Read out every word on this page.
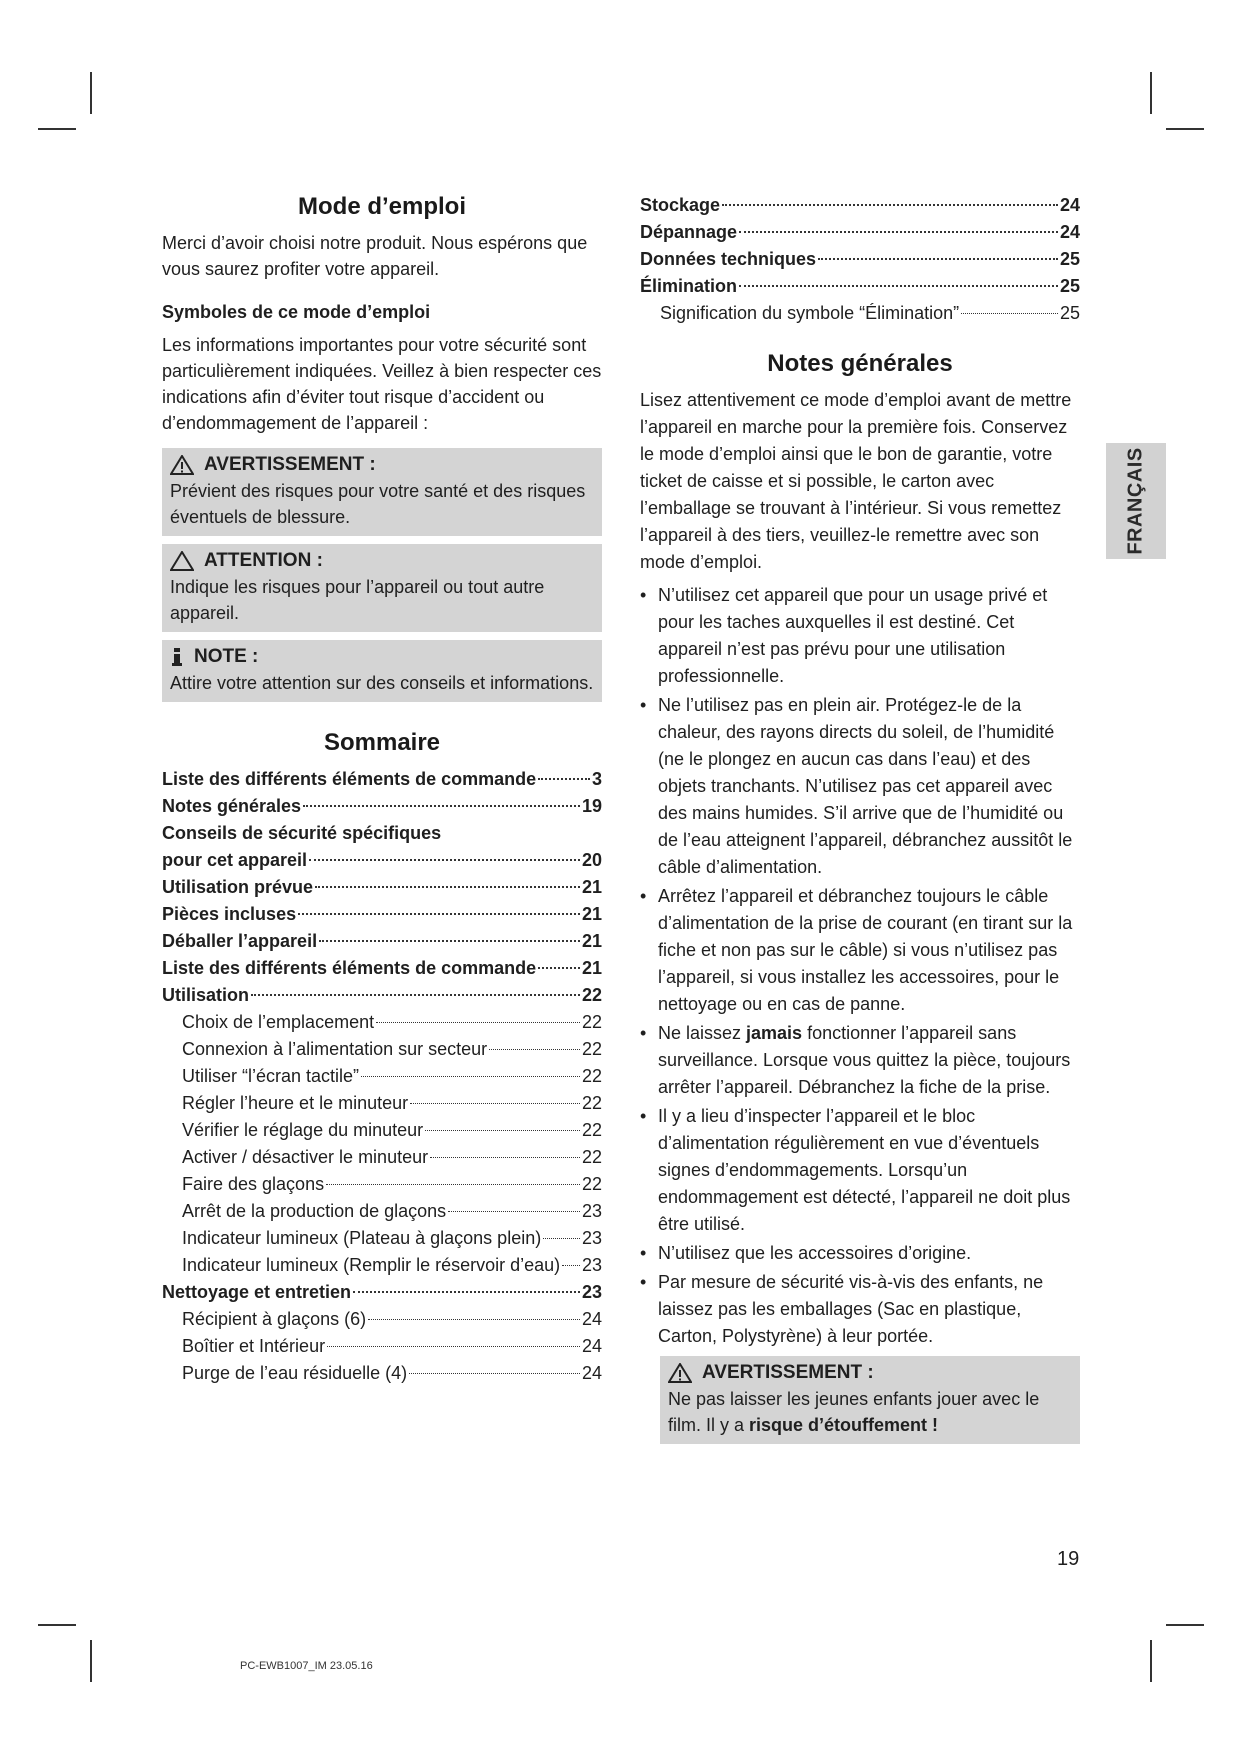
Mode d’emploi

Merci d’avoir choisi notre produit. Nous espérons que vous saurez profiter votre appareil.

Symboles de ce mode d’emploi

Les informations importantes pour votre sécurité sont particulièrement indiquées. Veillez à bien respecter ces indications afin d’éviter tout risque d’accident ou d’endommagement de l’appareil :

AVERTISSEMENT :
Prévient des risques pour votre santé et des risques éventuels de blessure.
ATTENTION :
Indique les risques pour l’appareil ou tout autre appareil.
NOTE :
Attire votre attention sur des conseils et informations.
Sommaire
Liste des différents éléments de commande	3
Notes générales	19
Conseils de sécurité spécifiques
pour cet appareil	20
Utilisation prévue	21
Pièces incluses	21
Déballer l’appareil	21
Liste des différents éléments de commande	21
Utilisation	22
Choix de l’emplacement	22
Connexion à l’alimentation sur secteur	22
Utiliser “l’écran tactile”	22
Régler l’heure et le minuteur	22
Vérifier le réglage du minuteur	22
Activer / désactiver le minuteur	22
Faire des glaçons	22
Arrêt de la production de glaçons	23
Indicateur lumineux (Plateau à glaçons plein) 23
Indicateur lumineux (Remplir le réservoir d’eau) 23
Nettoyage et entretien	23
Récipient à glaçons (6)	24
Boîtier et Intérieur	24
Purge de l’eau résiduelle (4)	24
Stockage	24
Dépannage	24
Données techniques	25
Élimination	25
Signification du symbole “Élimination”	25
Notes générales

Lisez attentivement ce mode d’emploi avant de mettre l’appareil en marche pour la première fois. Conservez le mode d’emploi ainsi que le bon de garantie, votre ticket de caisse et si possible, le carton avec l’emballage se trouvant à l’intérieur. Si vous remettez l’appareil à des tiers, veuillez-le remettre avec son mode d’emploi.

• N’utilisez cet appareil que pour un usage privé et pour les taches auxquelles il est destiné. Cet appareil n’est pas prévu pour une utilisation professionnelle.
• Ne l’utilisez pas en plein air. Protégez-le de la chaleur, des rayons directs du soleil, de l’humidité (ne le plongez en aucun cas dans l’eau) et des objets tranchants. N’utilisez pas cet appareil avec des mains humides. S’il arrive que de l’humidité ou de l’eau atteignent l’appareil, débranchez aussitôt le câble d’alimentation.
• Arrêtez l’appareil et débranchez toujours le câble d’alimentation de la prise de courant (en tirant sur la fiche et non pas sur le câble) si vous n’utilisez pas l’appareil, si vous installez les accessoires, pour le nettoyage ou en cas de panne.
• Ne laissez jamais fonctionner l’appareil sans surveillance. Lorsque vous quittez la pièce, toujours arrêter l’appareil. Débranchez la fiche de la prise.
• Il y a lieu d’inspecter l’appareil et le bloc d’alimentation régulièrement en vue d’éventuels signes d’endommagements. Lorsqu’un endommagement est détecté, l’appareil ne doit plus être utilisé.
• N’utilisez que les accessoires d’origine.
• Par mesure de sécurité vis-à-vis des enfants, ne laissez pas les emballages (Sac en plastique, Carton, Polystyrène) à leur portée.
AVERTISSEMENT :
Ne pas laisser les jeunes enfants jouer avec le film. Il y a risque d’étouffement !
FRANÇAIS
19
PC-EWB1007_IM 23.05.16
